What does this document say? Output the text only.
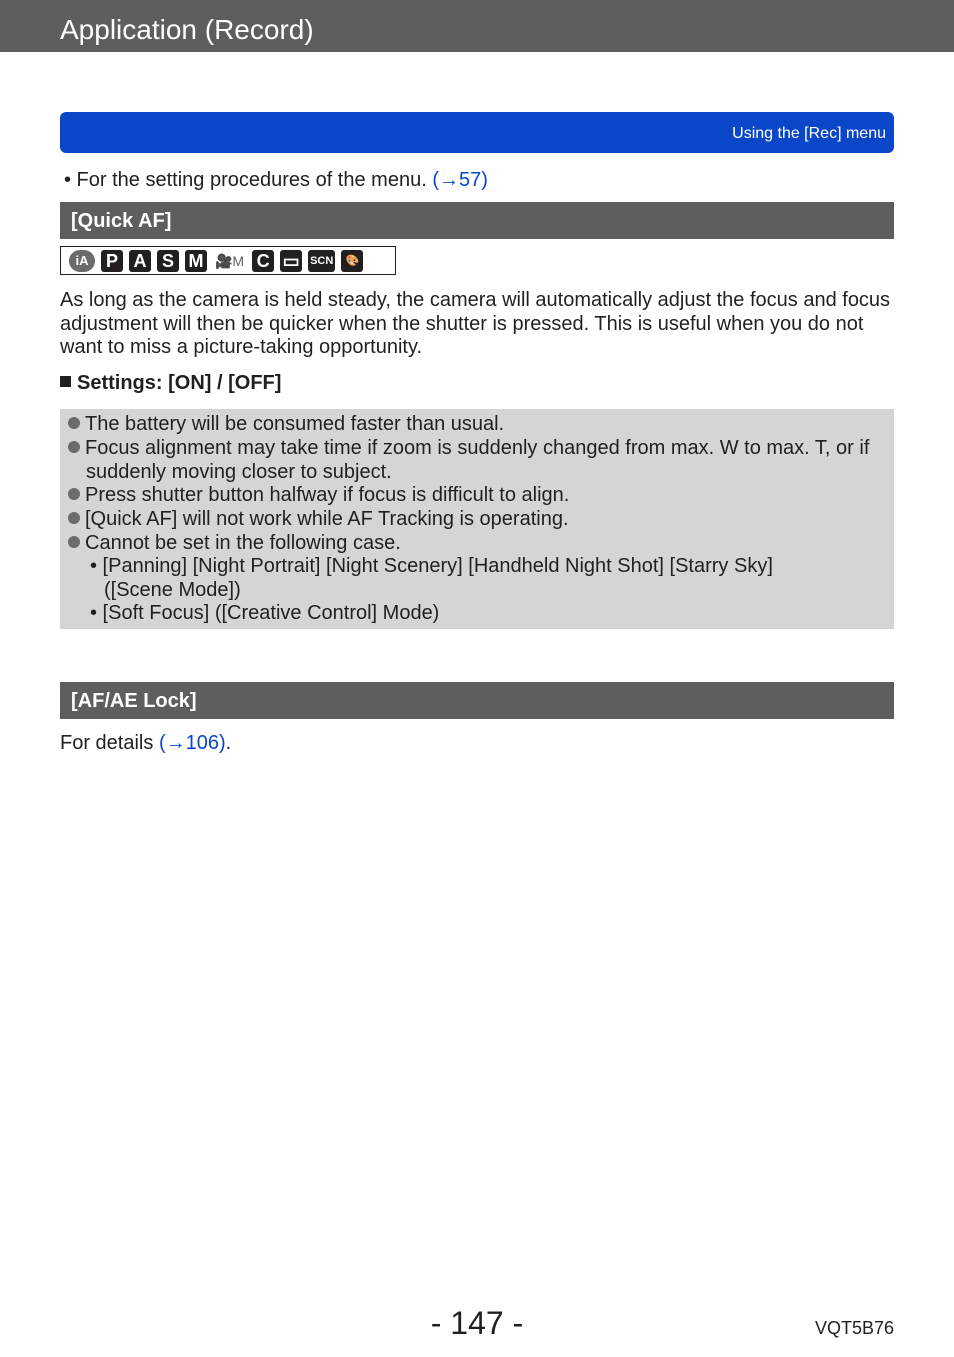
Application (Record)
Using the [Rec] menu
• For the setting procedures of the menu. (→57)
[Quick AF]
iA P A S M 🎥M C ▭ SCN	🎨
As long as the camera is held steady, the camera will automatically adjust the focus and focus adjustment will then be quicker when the shutter is pressed. This is useful when you do not want to miss a picture-taking opportunity.
Settings: [ON] / [OFF]
The battery will be consumed faster than usual.
Focus alignment may take time if zoom is suddenly changed from max. W to max. T, or if suddenly moving closer to subject.
Press shutter button halfway if focus is difficult to align.
[Quick AF] will not work while AF Tracking is operating.
Cannot be set in the following case.
• [Panning] [Night Portrait] [Night Scenery] [Handheld Night Shot] [Starry Sky] ([Scene Mode])
• [Soft Focus] ([Creative Control] Mode)
[AF/AE Lock]
For details (→106).
- 147 -	VQT5B76
